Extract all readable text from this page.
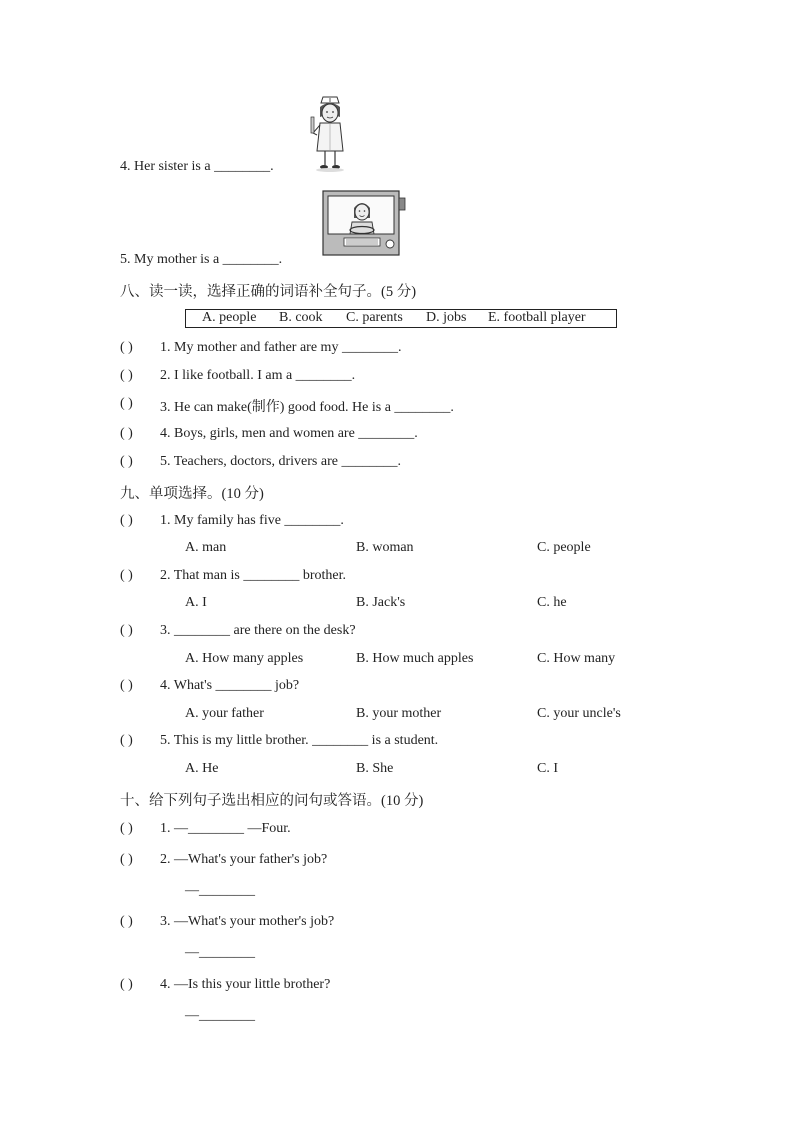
4. Her sister is a ________.
5. My mother is a ________.
八、读一读，选择正确的词语补全句子。(5 分)
A. people B. cook C. parents D. jobs E. football player
( ) 1. My mother and father are my ________.
( ) 2. I like football. I am a ________.
( ) 3. He can make(制作) good food. He is a ________.
( ) 4. Boys, girls, men and women are ________.
( ) 5. Teachers, doctors, drivers are ________.
九、单项选择。(10 分)
( ) 1. My family has five ________.
A. man	B. woman	C. people
( ) 2. That man is ________ brother.
A. I	B. Jack's	C. he
( ) 3. ________ are there on the desk?
A. How many apples	B. How much apples	C. How many
( ) 4. What's ________ job?
A. your father	B. your mother	C. your uncle's
( ) 5. This is my little brother. ________ is a student.
A. He	B. She	C. I
十、给下列句子选出相应的问句或答语。(10 分)
( ) 1. —________ —Four.
( ) 2. —What's your father's job?
—________
( ) 3. —What's your mother's job?
—________
( ) 4. —Is this your little brother?
—________
